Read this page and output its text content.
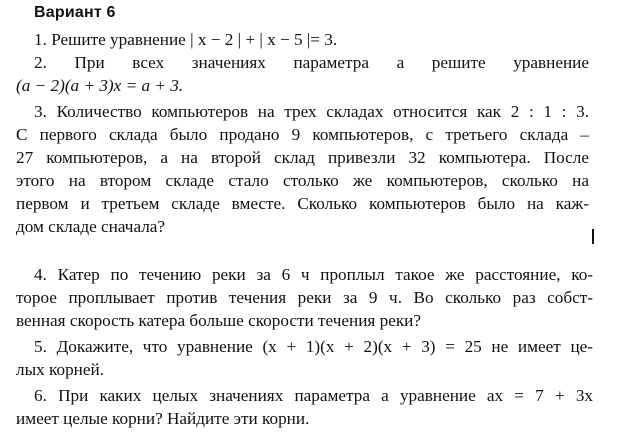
Вариант 6
1. Решите уравнение | x − 2 | + | x − 5 |= 3.
2. При всех значениях параметра a решите уравнение
(a − 2)(a + 3)x = a + 3.
3. Количество компьютеров на трех складах относится как 2 : 1 : 3.
С первого склада было продано 9 компьютеров, с третьего склада –
27 компьютеров, а на второй склад привезли 32 компьютера. После
этого на втором складе стало столько же компьютеров, сколько на
первом и третьем складе вместе. Сколько компьютеров было на каж-
дом складе сначала?
4. Катер по течению реки за 6 ч проплыл такое же расстояние, ко-
торое проплывает против течения реки за 9 ч. Во сколько раз собст-
венная скорость катера больше скорости течения реки?
5. Докажите, что уравнение (x + 1)(x + 2)(x + 3) = 25 не имеет це-
лых корней.
6. При каких целых значениях параметра a уравнение ax = 7 + 3x
имеет целые корни? Найдите эти корни.
